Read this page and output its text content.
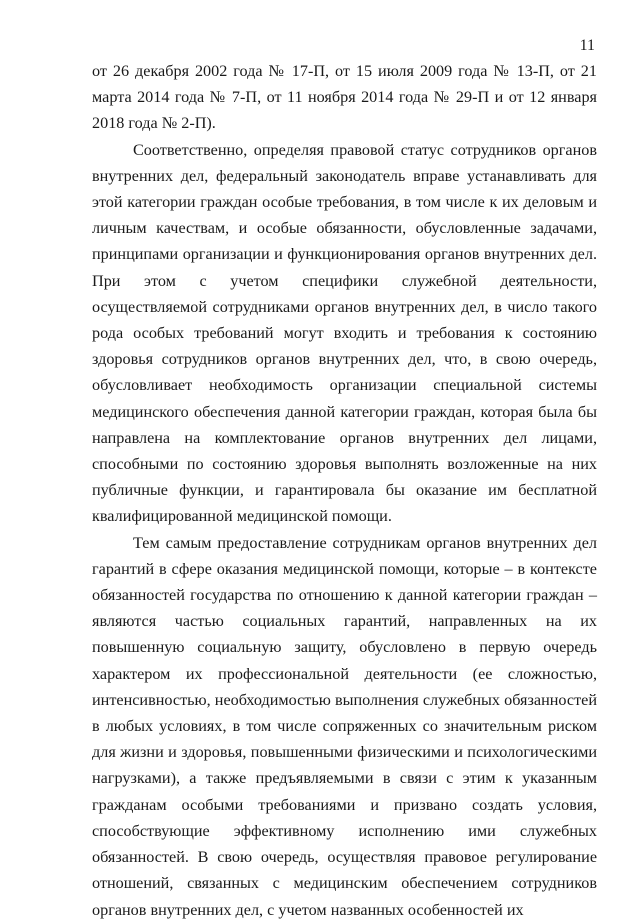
11

от 26 декабря 2002 года № 17-П, от 15 июля 2009 года № 13-П, от 21 марта 2014 года № 7-П, от 11 ноября 2014 года № 29-П и от 12 января 2018 года № 2-П).

Соответственно, определяя правовой статус сотрудников органов внутренних дел, федеральный законодатель вправе устанавливать для этой категории граждан особые требования, в том числе к их деловым и личным качествам, и особые обязанности, обусловленные задачами, принципами организации и функционирования органов внутренних дел. При этом с учетом специфики служебной деятельности, осуществляемой сотрудниками органов внутренних дел, в число такого рода особых требований могут входить и требования к состоянию здоровья сотрудников органов внутренних дел, что, в свою очередь, обусловливает необходимость организации специальной системы медицинского обеспечения данной категории граждан, которая была бы направлена на комплектование органов внутренних дел лицами, способными по состоянию здоровья выполнять возложенные на них публичные функции, и гарантировала бы оказание им бесплатной квалифицированной медицинской помощи.

Тем самым предоставление сотрудникам органов внутренних дел гарантий в сфере оказания медицинской помощи, которые – в контексте обязанностей государства по отношению к данной категории граждан – являются частью социальных гарантий, направленных на их повышенную социальную защиту, обусловлено в первую очередь характером их профессиональной деятельности (ее сложностью, интенсивностью, необходимостью выполнения служебных обязанностей в любых условиях, в том числе сопряженных со значительным риском для жизни и здоровья, повышенными физическими и психологическими нагрузками), а также предъявляемыми в связи с этим к указанным гражданам особыми требованиями и призвано создать условия, способствующие эффективному исполнению ими служебных обязанностей. В свою очередь, осуществляя правовое регулирование отношений, связанных с медицинским обеспечением сотрудников органов внутренних дел, с учетом названных особенностей их
